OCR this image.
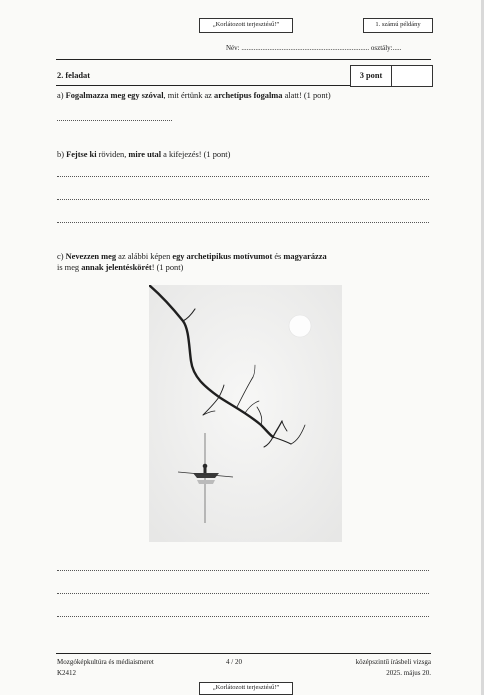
„Korlátozott terjesztésű!”	1. számú példány
Név: ......................................................................... osztály:.....
2. feladat	3 pont
a) Fogalmazza meg egy szóval, mit értünk az archetípus fogalma alatt! (1 pont)
b) Fejtse ki röviden, mire utal a kifejezés! (1 pont)
c) Nevezzen meg az alábbi képen egy archetipikus motívumot és magyarázza
is meg annak jelentéskörét! (1 pont)
Mozgóképkultúra és médiaismeret
K2412
4 / 20	középszintű írásbeli vizsga
2025. május 20.
„Korlátozott terjesztésű!”
